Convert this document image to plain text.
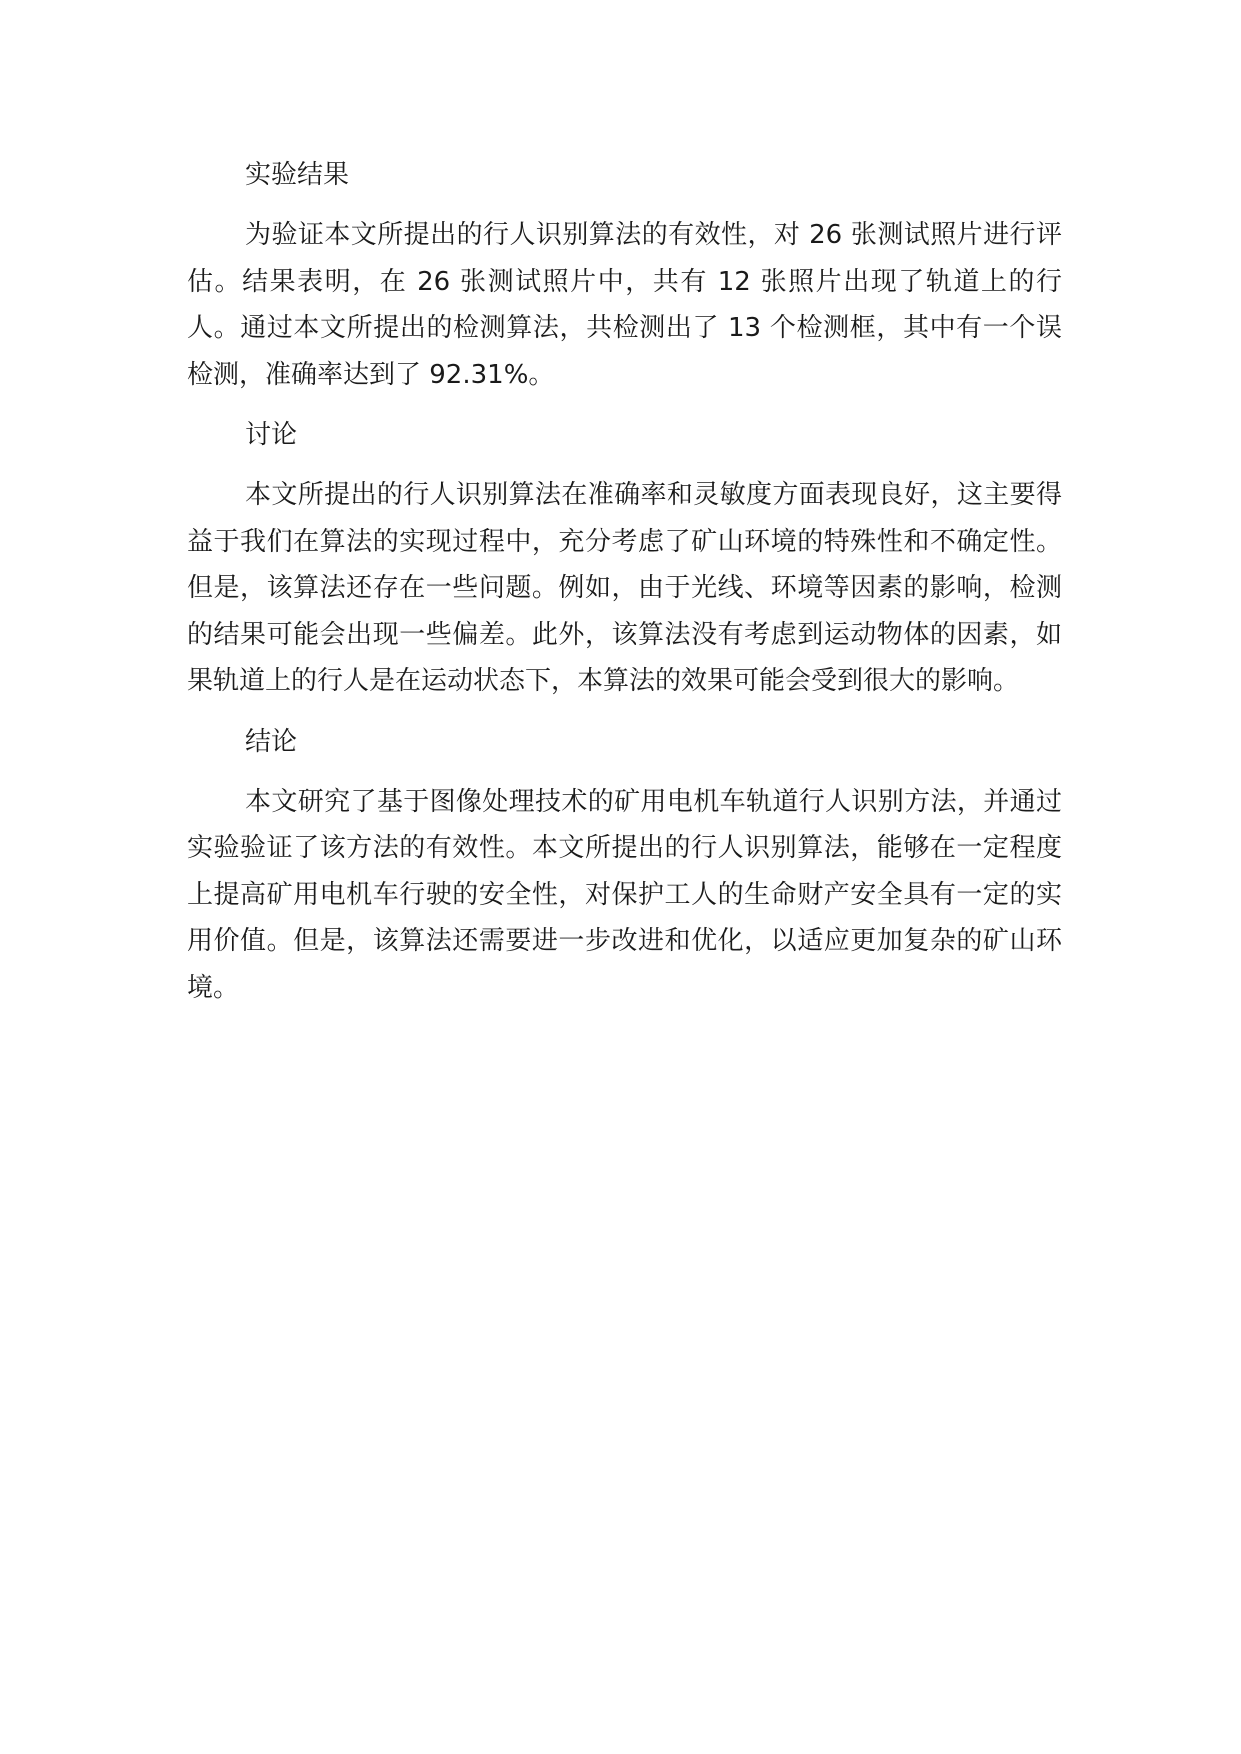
实验结果

为验证本文所提出的行人识别算法的有效性，对 26 张测试照片进行评估。结果表明，在 26 张测试照片中，共有 12 张照片出现了轨道上的行人。通过本文所提出的检测算法，共检测出了 13 个检测框，其中有一个误检测，准确率达到了 92.31%。

讨论

本文所提出的行人识别算法在准确率和灵敏度方面表现良好，这主要得益于我们在算法的实现过程中，充分考虑了矿山环境的特殊性和不确定性。但是，该算法还存在一些问题。例如，由于光线、环境等因素的影响，检测的结果可能会出现一些偏差。此外，该算法没有考虑到运动物体的因素，如果轨道上的行人是在运动状态下，本算法的效果可能会受到很大的影响。

结论

本文研究了基于图像处理技术的矿用电机车轨道行人识别方法，并通过实验验证了该方法的有效性。本文所提出的行人识别算法，能够在一定程度上提高矿用电机车行驶的安全性，对保护工人的生命财产安全具有一定的实用价值。但是，该算法还需要进一步改进和优化，以适应更加复杂的矿山环境。
